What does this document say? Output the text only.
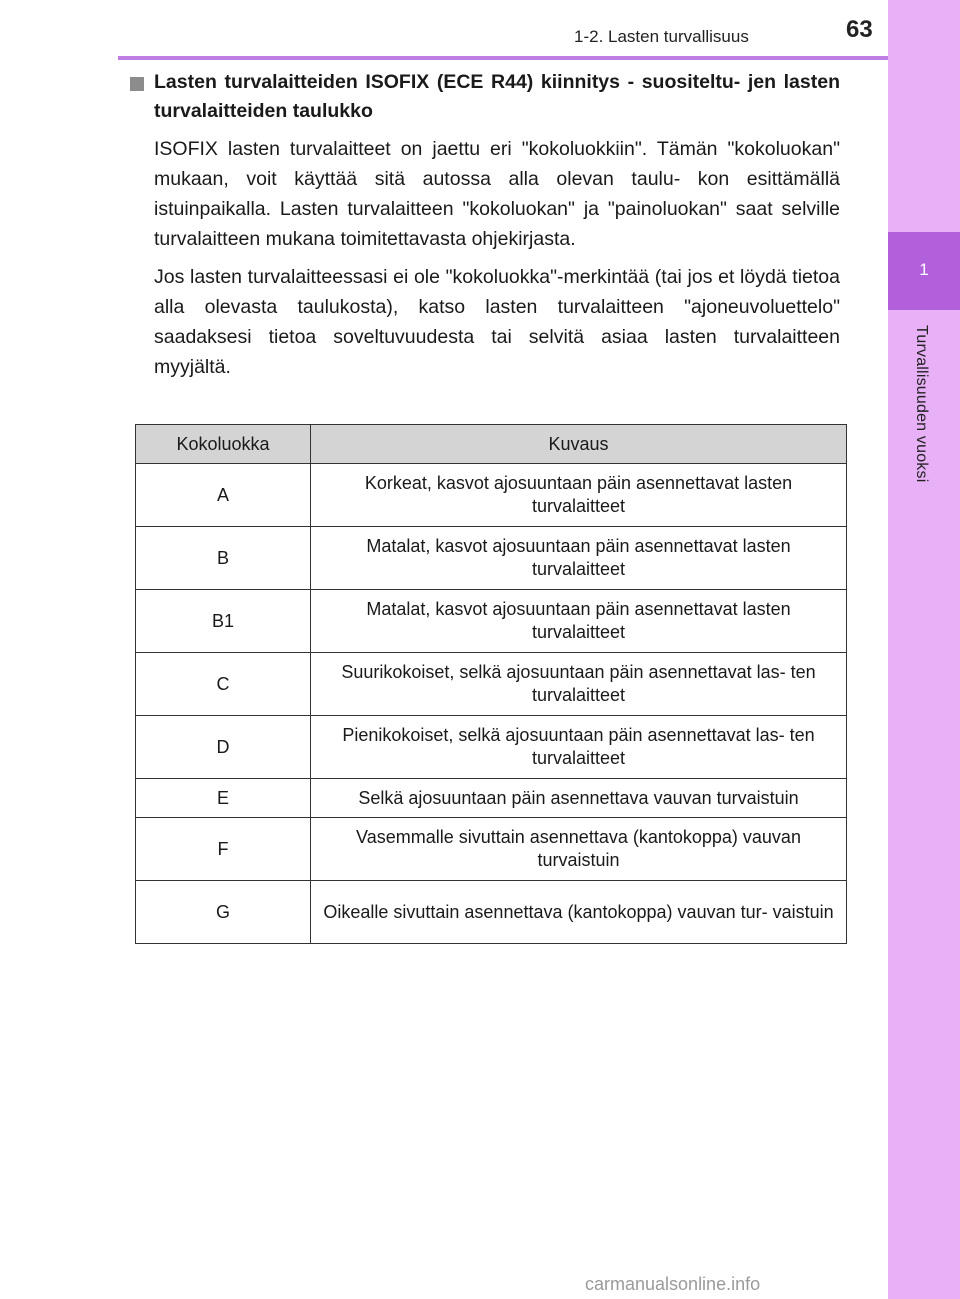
1
Turvallisuuden vuoksi
1-2. Lasten turvallisuus	63
Lasten turvalaitteiden ISOFIX (ECE R44) kiinnitys - suositeltu- jen lasten turvalaitteiden taulukko

ISOFIX lasten turvalaitteet on jaettu eri "kokoluokkiin". Tämän "kokoluokan" mukaan, voit käyttää sitä autossa alla olevan taulu- kon esittämällä istuinpaikalla. Lasten turvalaitteen "kokoluokan" ja "painoluokan" saat selville turvalaitteen mukana toimitettavasta ohjekirjasta.

Jos lasten turvalaitteessasi ei ole "kokoluokka"-merkintää (tai jos et löydä tietoa alla olevasta taulukosta), katso lasten turvalaitteen "ajoneuvoluettelo" saadaksesi tietoa soveltuvuudesta tai selvitä asiaa lasten turvalaitteen myyjältä.

Kokoluokka	Kuvaus
A	Korkeat, kasvot ajosuuntaan päin asennettavat lasten turvalaitteet
B	Matalat, kasvot ajosuuntaan päin asennettavat lasten turvalaitteet
B1	Matalat, kasvot ajosuuntaan päin asennettavat lasten turvalaitteet
C	Suurikokoiset, selkä ajosuuntaan päin asennettavat las- ten turvalaitteet
D	Pienikokoiset, selkä ajosuuntaan päin asennettavat las- ten turvalaitteet
E	Selkä ajosuuntaan päin asennettava vauvan turvaistuin
F	Vasemmalle sivuttain asennettava (kantokoppa) vauvan turvaistuin
G	Oikealle sivuttain asennettava (kantokoppa) vauvan tur- vaistuin
carmanualsonline.info
